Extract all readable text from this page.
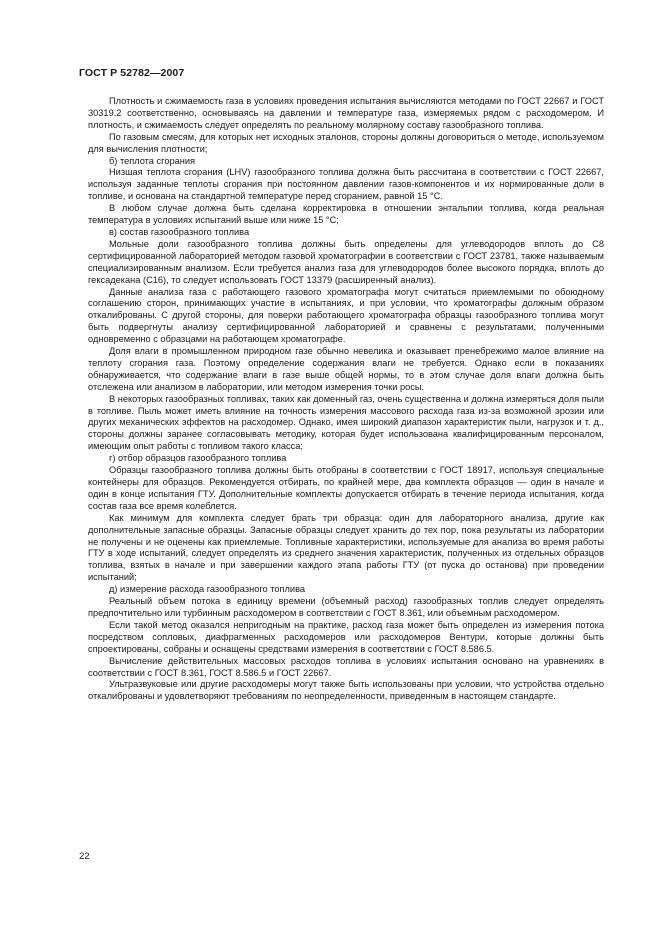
ГОСТ Р 52782—2007

Плотность и сжимаемость газа в условиях проведения испытания вычисляются методами по ГОСТ 22667 и ГОСТ 30319.2 соответственно, основываясь на давлении и температуре газа, измеряемых рядом с расходомером. И плотность, и сжимаемость следует определять по реальному молярному составу газообразного топлива.

По газовым смесям, для которых нет исходных эталонов, стороны должны договориться о методе, используемом для вычисления плотности;

б) теплота сгорания

Низшая теплота сгорания (LHV) газообразного топлива должна быть рассчитана в соответствии с ГОСТ 22667, используя заданные теплоты сгорания при постоянном давлении газов-компонентов и их нормированные доли в топливе, и основана на стандартной температуре перед сгоранием, равной 15 °С.

В любом случае должна быть сделана корректировка в отношении энтальпии топлива, когда реальная температура в условиях испытаний выше или ниже 15 °С;

в) состав газообразного топлива

Мольные доли газообразного топлива должны быть определены для углеводородов вплоть до С8 сертифицированной лабораторией методом газовой хроматографии в соответствии с ГОСТ 23781, также называемым специализированным анализом. Если требуется анализ газа для углеводородов более высокого порядка, вплоть до гексадекана (С16), то следует использовать ГОСТ 13379 (расширенный анализ).

Данные анализа газа с работающего газового хроматографа могут считаться приемлемыми по обоюдному соглашению сторон, принимающих участие в испытаниях, и при условии, что хроматографы должным образом откалиброваны. С другой стороны, для поверки работающего хроматографа образцы газообразного топлива могут быть подвергнуты анализу сертифицированной лабораторией и сравнены с результатами, полученными одновременно с образцами на работающем хроматографе.

Доля влаги в промышленном природном газе обычно невелика и оказывает пренебрежимо малое влияние на теплоту сгорания газа. Поэтому определение содержания влаги не требуется. Однако если в показаниях обнаруживается, что содержание влаги в газе выше общей нормы, то в этом случае доля влаги должна быть отслежена или анализом в лаборатории, или методом измерения точки росы.

В некоторых газообразных топливах, таких как доменный газ, очень существенна и должна измеряться доля пыли в топливе. Пыль может иметь влияние на точность измерения массового расхода газа из-за возможной эрозии или других механических эффектов на расходомер. Однако, имея широкий диапазон характеристик пыли, нагрузок и т. д., стороны должны заранее согласовывать методику, которая будет использована квалифицированным персоналом, имеющим опыт работы с топливом такого класса;

г) отбор образцов газообразного топлива

Образцы газообразного топлива должны быть отобраны в соответствии с ГОСТ 18917, используя специальные контейнеры для образцов. Рекомендуется отбирать, по крайней мере, два комплекта образцов — один в начале и один в конце испытания ГТУ. Дополнительные комплекты допускается отбирать в течение периода испытания, когда состав газа все время колеблется.

Как минимум для комплекта следует брать три образца: один для лабораторного анализа, другие как дополнительные запасные образцы. Запасные образцы следует хранить до тех пор, пока результаты из лаборатории не получены и не оценены как приемлемые. Топливные характеристики, используемые для анализа во время работы ГТУ в ходе испытаний, следует определять из среднего значения характеристик, полученных из отдельных образцов топлива, взятых в начале и при завершении каждого этапа работы ГТУ (от пуска до останова) при проведении испытаний;

д) измерение расхода газообразного топлива

Реальный объем потока в единицу времени (объемный расход) газообразных топлив следует определять предпочтительно или турбинным расходомером в соответствии с ГОСТ 8.361, или объемным расходомером.

Если такой метод оказался непригодным на практике, расход газа может быть определен из измерения потока посредством сопловых, диафрагменных расходомеров или расходомеров Вентури, которые должны быть спроектированы, собраны и оснащены средствами измерения в соответствии с ГОСТ 8.586.5.

Вычисление действительных массовых расходов топлива в условиях испытания основано на уравнениях в соответствии с ГОСТ 8.361, ГОСТ 8.586.5 и ГОСТ 22667.

Ультразвуковые или другие расходомеры могут также быть использованы при условии, что устройства отдельно откалиброваны и удовлетворяют требованиям по неопределенности, приведенным в настоящем стандарте.

22
